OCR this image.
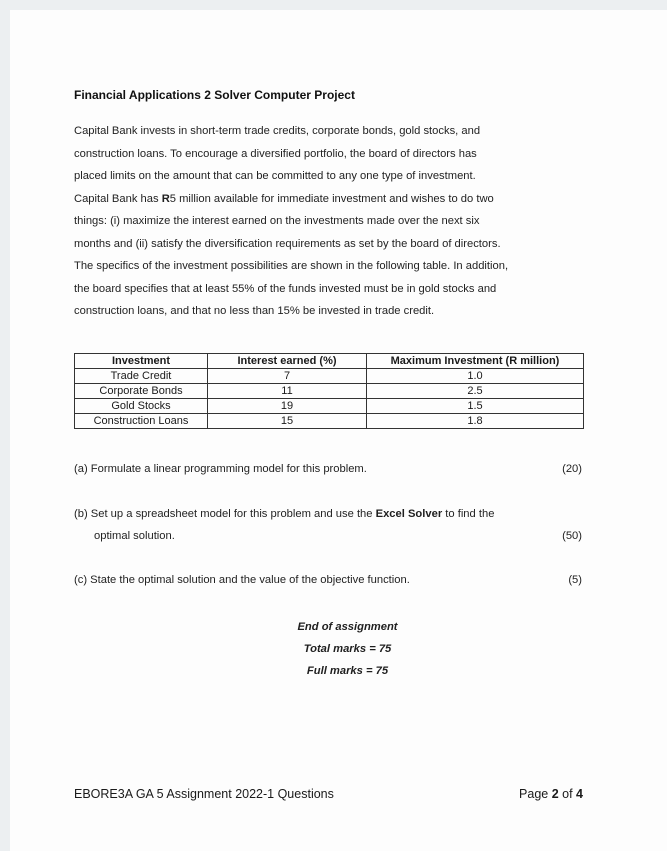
Financial Applications 2 Solver Computer Project
Capital Bank invests in short-term trade credits, corporate bonds, gold stocks, and
construction loans. To encourage a diversified portfolio, the board of directors has
placed limits on the amount that can be committed to any one type of investment.
Capital Bank has R5 million available for immediate investment and wishes to do two
things: (i) maximize the interest earned on the investments made over the next six
months and (ii) satisfy the diversification requirements as set by the board of directors.
The specifics of the investment possibilities are shown in the following table. In addition,
the board specifies that at least 55% of the funds invested must be in gold stocks and
construction loans, and that no less than 15% be invested in trade credit.
Investment	Interest earned (%)	Maximum Investment (R million)
Trade Credit	7	1.0
Corporate Bonds	11	2.5
Gold Stocks	19	1.5
Construction Loans	15	1.8
(a) Formulate a linear programming model for this problem.	(20)
(b) Set up a spreadsheet model for this problem and use the Excel Solver to find the
optimal solution.	(50)
(c) State the optimal solution and the value of the objective function.	(5)
End of assignment
Total marks = 75
Full marks = 75
EBORE3A GA 5 Assignment 2022-1 Questions	Page 2 of 4
